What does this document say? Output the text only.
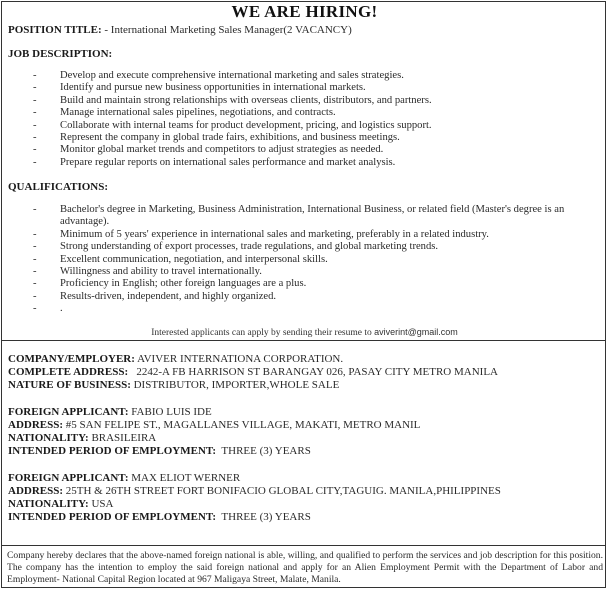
WE ARE HIRING!
POSITION TITLE: - International Marketing Sales Manager(2 VACANCY)
JOB DESCRIPTION:
- Develop and execute comprehensive international marketing and sales strategies.
- Identify and pursue new business opportunities in international markets.
- Build and maintain strong relationships with overseas clients, distributors, and partners.
- Manage international sales pipelines, negotiations, and contracts.
- Collaborate with internal teams for product development, pricing, and logistics support.
- Represent the company in global trade fairs, exhibitions, and business meetings.
- Monitor global market trends and competitors to adjust strategies as needed.
- Prepare regular reports on international sales performance and market analysis.
QUALIFICATIONS:
- Bachelor's degree in Marketing, Business Administration, International Business, or related field (Master's degree is an advantage).
- Minimum of 5 years' experience in international sales and marketing, preferably in a related industry.
- Strong understanding of export processes, trade regulations, and global marketing trends.
- Excellent communication, negotiation, and interpersonal skills.
- Willingness and ability to travel internationally.
- Proficiency in English; other foreign languages are a plus.
- Results-driven, independent, and highly organized.
- .
Interested applicants can apply by sending their resume to aviverint@gmail.com
COMPANY/EMPLOYER: AVIVER INTERNATIONA CORPORATION.
COMPLETE ADDRESS: 2242-A FB HARRISON ST BARANGAY 026, PASAY CITY METRO MANILA
NATURE OF BUSINESS: DISTRIBUTOR, IMPORTER,WHOLE SALE
FOREIGN APPLICANT: FABIO LUIS IDE
ADDRESS: #5 SAN FELIPE ST., MAGALLANES VILLAGE, MAKATI, METRO MANIL
NATIONALITY: BRASILEIRA
INTENDED PERIOD OF EMPLOYMENT: THREE (3) YEARS
FOREIGN APPLICANT: MAX ELIOT WERNER
ADDRESS: 25TH & 26TH STREET FORT BONIFACIO GLOBAL CITY,TAGUIG. MANILA,PHILIPPINES
NATIONALITY: USA
INTENDED PERIOD OF EMPLOYMENT: THREE (3) YEARS
Company hereby declares that the above-named foreign national is able, willing, and qualified to perform the services and job description for this position. The company has the intention to employ the said foreign national and apply for an Alien Employment Permit with the Department of Labor and Employment- National Capital Region located at 967 Maligaya Street, Malate, Manila.
